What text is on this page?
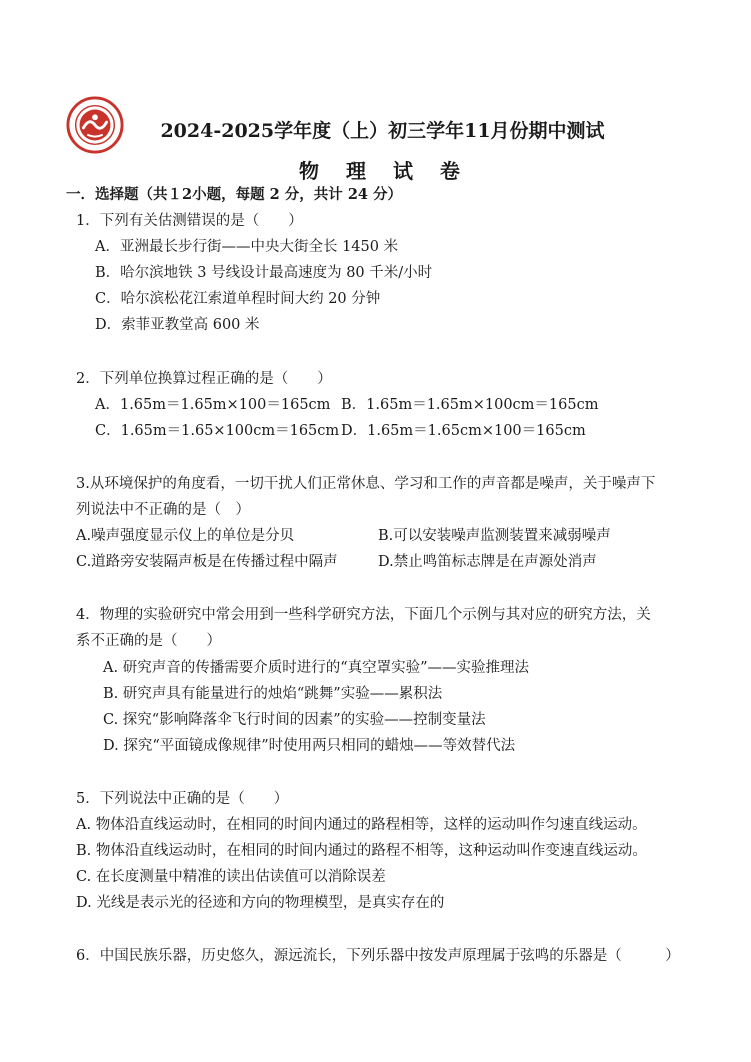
2024-2025学年度（上）初三学年11月份期中测试
物 理 试 卷
一．选择题（共１2小题，每题 2 分，共计 24 分）
1．下列有关估测错误的是（　　）
A．亚洲最长步行街——中央大街全长 1450 米
B．哈尔滨地铁 3 号线设计最高速度为 80 千米/小时
C．哈尔滨松花江索道单程时间大约 20 分钟
D．索菲亚教堂高 600 米
2．下列单位换算过程正确的是（　　）
A．1.65m＝1.65m×100＝165cm B．1.65m＝1.65m×100cm＝165cm
C．1.65m＝1.65×100cm＝165cm D．1.65m＝1.65cm×100＝165cm
3.从环境保护的角度看，一切干扰人们正常休息、学习和工作的声音都是噪声，关于噪声下
列说法中不正确的是（　）
A.噪声强度显示仪上的单位是分贝	B.可以安装噪声监测装置来减弱噪声
C.道路旁安装隔声板是在传播过程中隔声	D.禁止鸣笛标志牌是在声源处消声
4．物理的实验研究中常会用到一些科学研究方法，下面几个示例与其对应的研究方法，关
系不正确的是（　　）
A. 研究声音的传播需要介质时进行的“真空罩实验”——实验推理法
B. 研究声具有能量进行的烛焰“跳舞”实验——累积法
C. 探究“影响降落伞飞行时间的因素”的实验——控制变量法
D. 探究“平面镜成像规律”时使用两只相同的蜡烛——等效替代法
5．下列说法中正确的是（　　）
A. 物体沿直线运动时，在相同的时间内通过的路程相等，这样的运动叫作匀速直线运动。
B. 物体沿直线运动时，在相同的时间内通过的路程不相等，这种运动叫作变速直线运动。
C. 在长度测量中精准的读出估读值可以消除误差
D. 光线是表示光的径迹和方向的物理模型，是真实存在的
6．中国民族乐器，历史悠久，源远流长，下列乐器中按发声原理属于弦鸣的乐器是（　　　）
